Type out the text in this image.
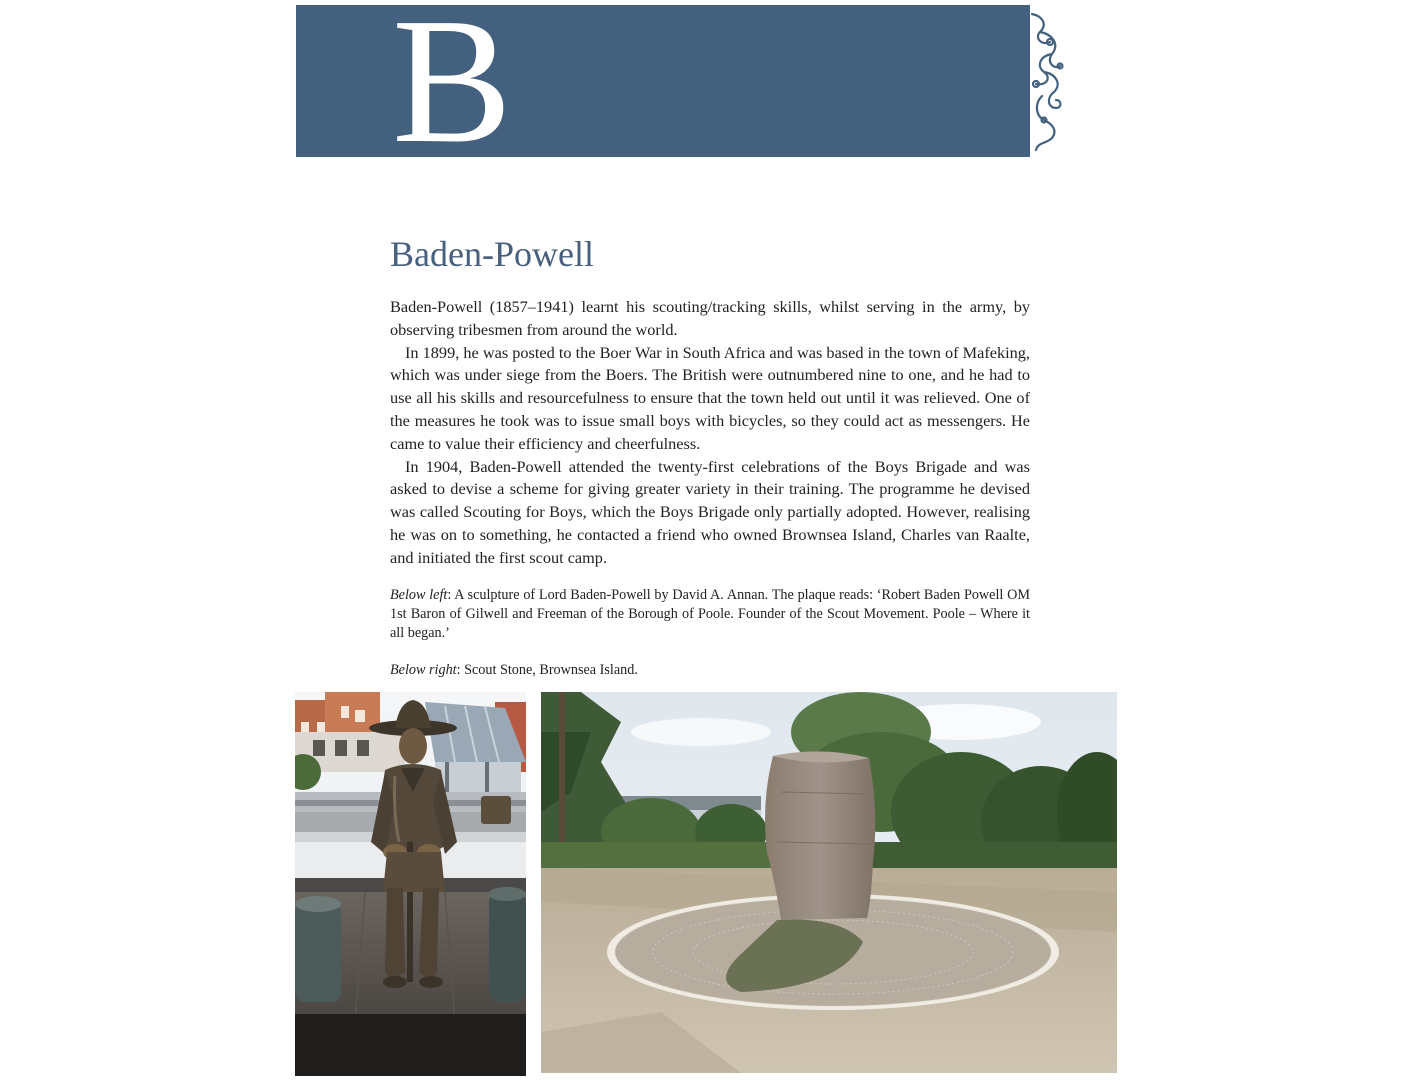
B
Baden-Powell

Baden-Powell (1857–1941) learnt his scouting/tracking skills, whilst serving in the army, by observing tribesmen from around the world.

In 1899, he was posted to the Boer War in South Africa and was based in the town of Mafeking, which was under siege from the Boers. The British were outnumbered nine to one, and he had to use all his skills and resourcefulness to ensure that the town held out until it was relieved. One of the measures he took was to issue small boys with bicycles, so they could act as messengers. He came to value their efficiency and cheerfulness.

In 1904, Baden-Powell attended the twenty-first celebrations of the Boys Brigade and was asked to devise a scheme for giving greater variety in their training. The programme he devised was called Scouting for Boys, which the Boys Brigade only partially adopted. However, realising he was on to something, he contacted a friend who owned Brownsea Island, Charles van Raalte, and initiated the first scout camp.

Below left: A sculpture of Lord Baden-Powell by David A. Annan. The plaque reads: ‘Robert Baden Powell OM 1st Baron of Gilwell and Freeman of the Borough of Poole. Founder of the Scout Movement. Poole – Where it all began.’

Below right: Scout Stone, Brownsea Island.
